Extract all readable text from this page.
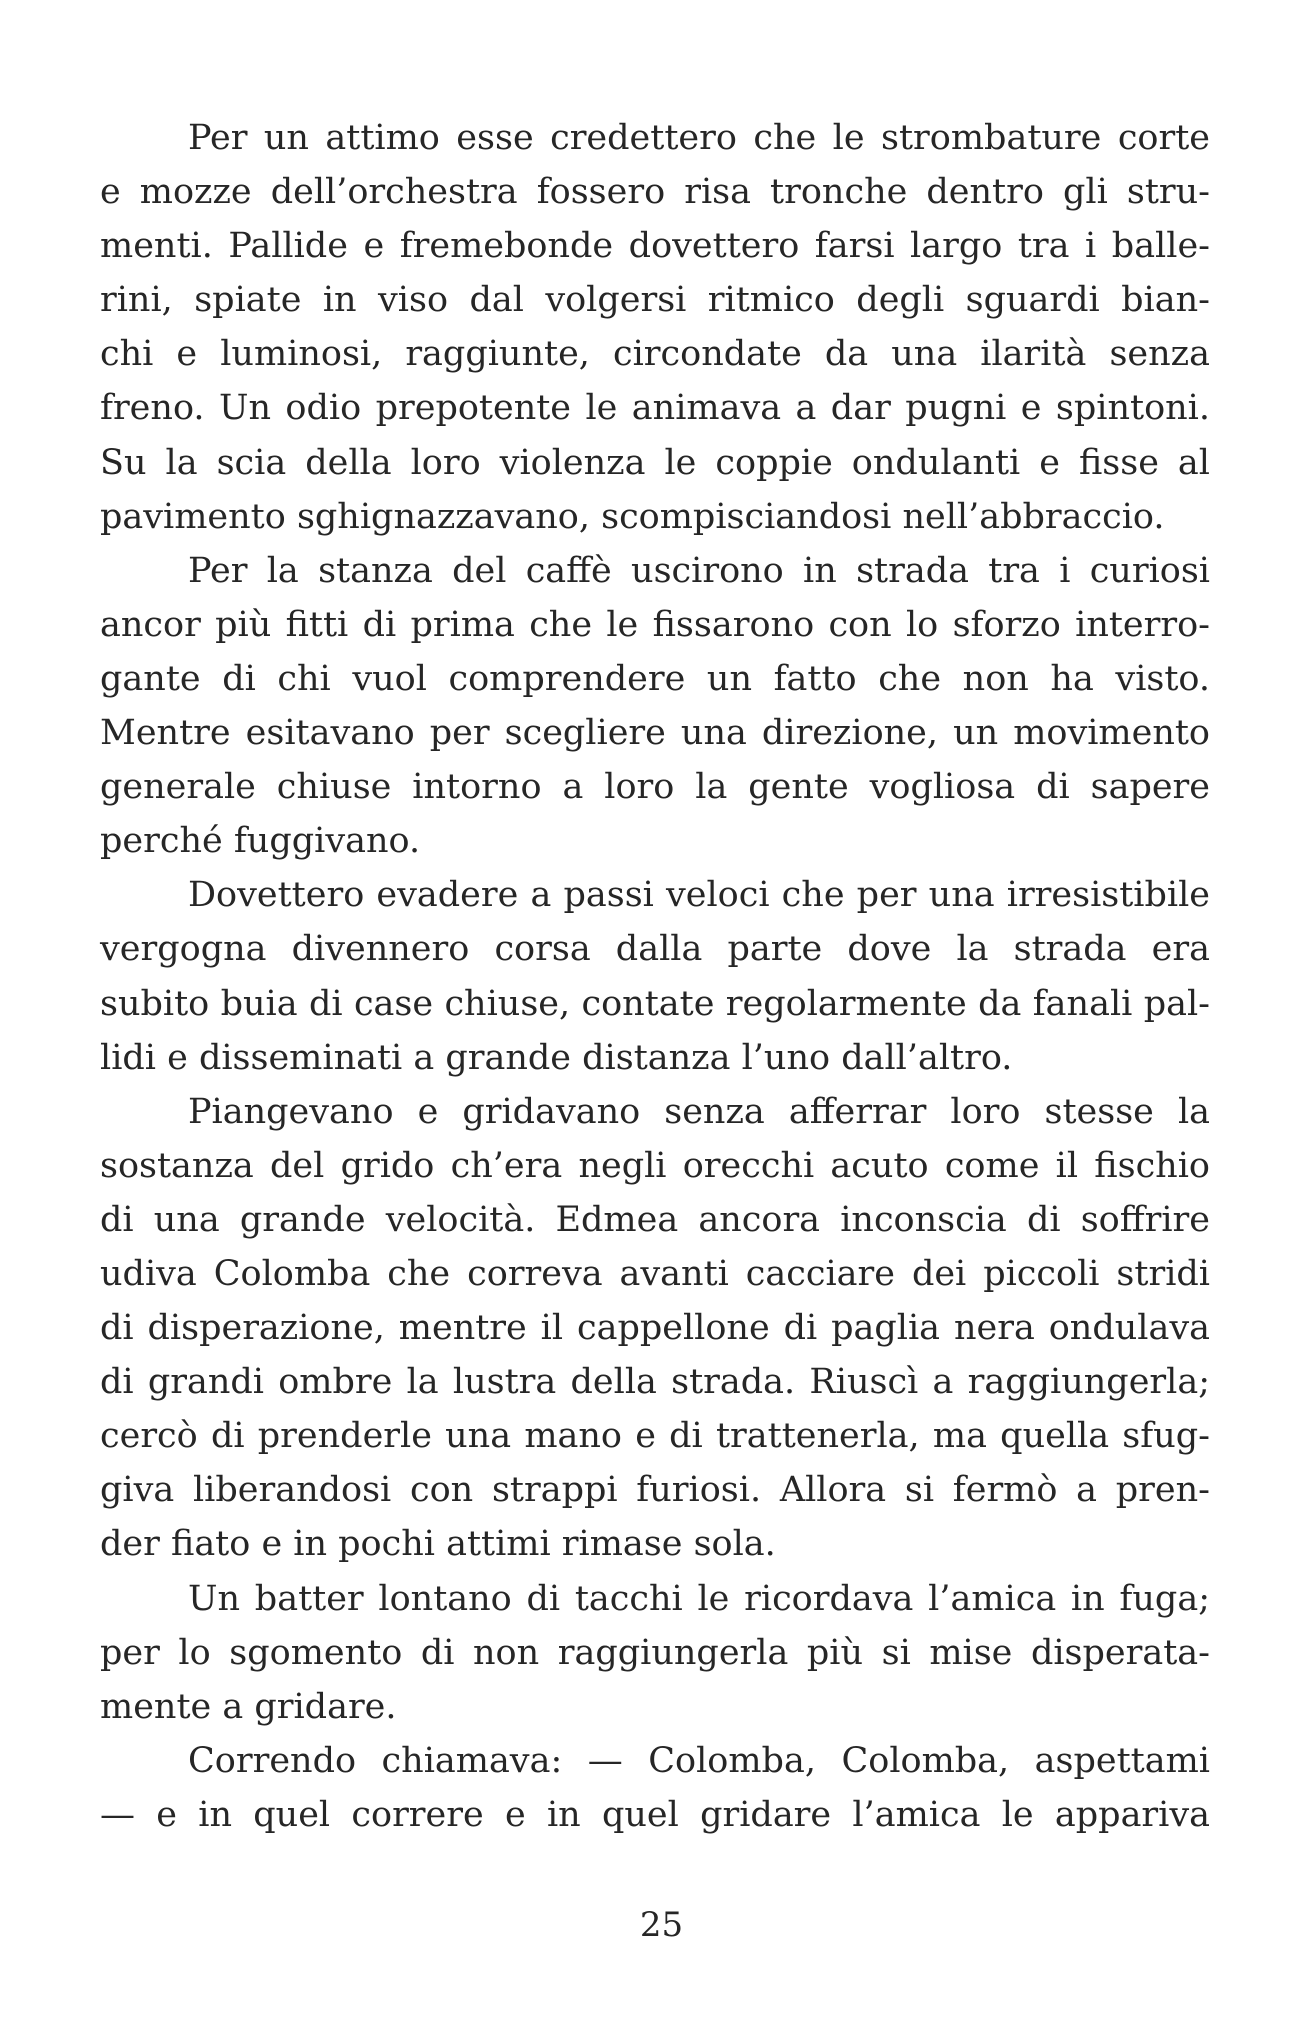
Per un attimo esse credettero che le strombature corte
e mozze dell’orchestra fossero risa tronche dentro gli stru-
menti. Pallide e fremebonde dovettero farsi largo tra i balle-
rini, spiate in viso dal volgersi ritmico degli sguardi bian-
chi e luminosi, raggiunte, circondate da una ilarità senza
freno. Un odio prepotente le animava a dar pugni e spintoni.
Su la scia della loro violenza le coppie ondulanti e fisse al
pavimento sghignazzavano, scompisciandosi nell’abbraccio.

Per la stanza del caffè uscirono in strada tra i curiosi
ancor più fitti di prima che le fissarono con lo sforzo interro-
gante di chi vuol comprendere un fatto che non ha visto.
Mentre esitavano per scegliere una direzione, un movimento
generale chiuse intorno a loro la gente vogliosa di sapere
perché fuggivano.

Dovettero evadere a passi veloci che per una irresistibile
vergogna divennero corsa dalla parte dove la strada era
subito buia di case chiuse, contate regolarmente da fanali pal-
lidi e disseminati a grande distanza l’uno dall’altro.

Piangevano e gridavano senza afferrar loro stesse la
sostanza del grido ch’era negli orecchi acuto come il fischio
di una grande velocità. Edmea ancora inconscia di soffrire
udiva Colomba che correva avanti cacciare dei piccoli stridi
di disperazione, mentre il cappellone di paglia nera ondulava
di grandi ombre la lustra della strada. Riuscì a raggiungerla;
cercò di prenderle una mano e di trattenerla, ma quella sfug-
giva liberandosi con strappi furiosi. Allora si fermò a pren-
der fiato e in pochi attimi rimase sola.

Un batter lontano di tacchi le ricordava l’amica in fuga;
per lo sgomento di non raggiungerla più si mise disperata-
mente a gridare.

Correndo chiamava: — Colomba, Colomba, aspettami
— e in quel correre e in quel gridare l’amica le appariva

25
